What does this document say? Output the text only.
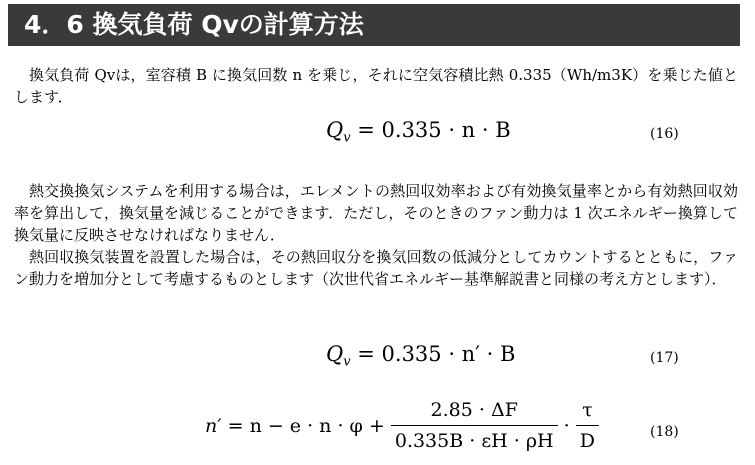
4．6 換気負荷 Qvの計算方法

換気負荷 Qvは，室容積 B に換気回数 n を乗じ，それに空気容積比熱 0.335（Wh/m3K）を乗じた値とします．

$Q_v = 0.335 \cdot n \cdot B$	(16)

熱交換換気システムを利用する場合は，エレメントの熱回収効率および有効換気量率とから有効熱回収効率を算出して，換気量を減じることができます．ただし，そのときのファン動力は 1 次エネルギー換算して換気量に反映させなければなりません．

熱回収換気装置を設置した場合は，その熱回収分を換気回数の低減分としてカウントするとともに，ファン動力を増加分として考慮するものとします（次世代省エネルギー基準解説書と同様の考え方とします）．

$Q_v = 0.335 \cdot n' \cdot B$	(17)
$n' = n - e \cdot n \cdot \varphi + \frac{2.85 \cdot \Delta F}{0.335B \cdot \varepsilon H \cdot \rho H} \cdot \frac{\tau}{D}$	(18)
